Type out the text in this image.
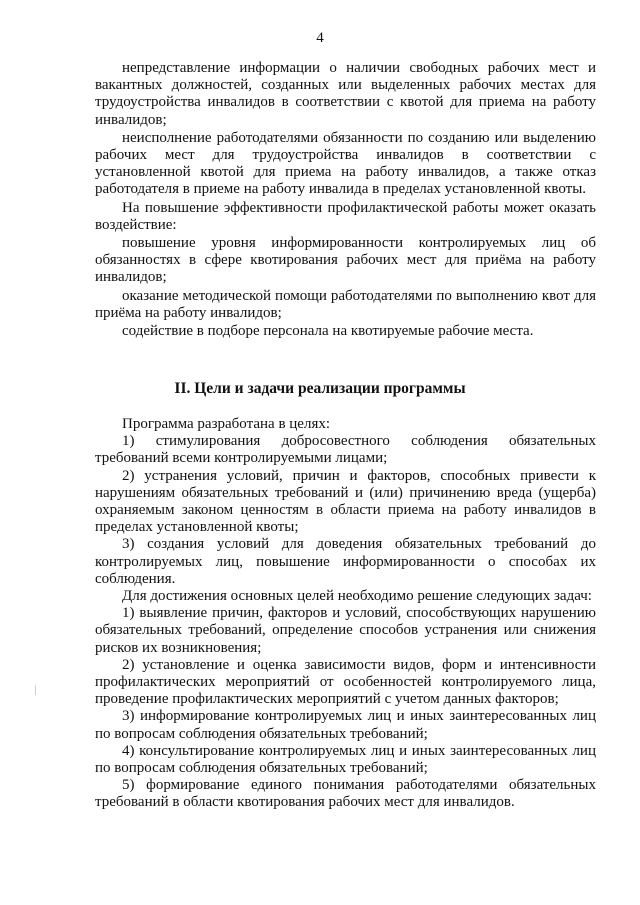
4

непредставление информации о наличии свободных рабочих мест и вакантных должностей, созданных или выделенных рабочих местах для трудоустройства инвалидов в соответствии с квотой для приема на работу инвалидов;

неисполнение работодателями обязанности по созданию или выделению рабочих мест для трудоустройства инвалидов в соответствии с установленной квотой для приема на работу инвалидов, а также отказ работодателя в приеме на работу инвалида в пределах установленной квоты.

На повышение эффективности профилактической работы может оказать воздействие:

повышение уровня информированности контролируемых лиц об обязанностях в сфере квотирования рабочих мест для приёма на работу инвалидов;

оказание методической помощи работодателями по выполнению квот для приёма на работу инвалидов;

содействие в подборе персонала на квотируемые рабочие места.

II. Цели и задачи реализации программы

Программа разработана в целях:

1) стимулирования добросовестного соблюдения обязательных требований всеми контролируемыми лицами;

2) устранения условий, причин и факторов, способных привести к нарушениям обязательных требований и (или) причинению вреда (ущерба) охраняемым законом ценностям в области приема на работу инвалидов в пределах установленной квоты;

3) создания условий для доведения обязательных требований до контролируемых лиц, повышение информированности о способах их соблюдения.

Для достижения основных целей необходимо решение следующих задач:

1) выявление причин, факторов и условий, способствующих нарушению обязательных требований, определение способов устранения или снижения рисков их возникновения;

2) установление и оценка зависимости видов, форм и интенсивности профилактических мероприятий от особенностей контролируемого лица, проведение профилактических мероприятий с учетом данных факторов;

3) информирование контролируемых лиц и иных заинтересованных лиц по вопросам соблюдения обязательных требований;

4) консультирование контролируемых лиц и иных заинтересованных лиц по вопросам соблюдения обязательных требований;

5) формирование единого понимания работодателями обязательных требований в области квотирования рабочих мест для инвалидов.
